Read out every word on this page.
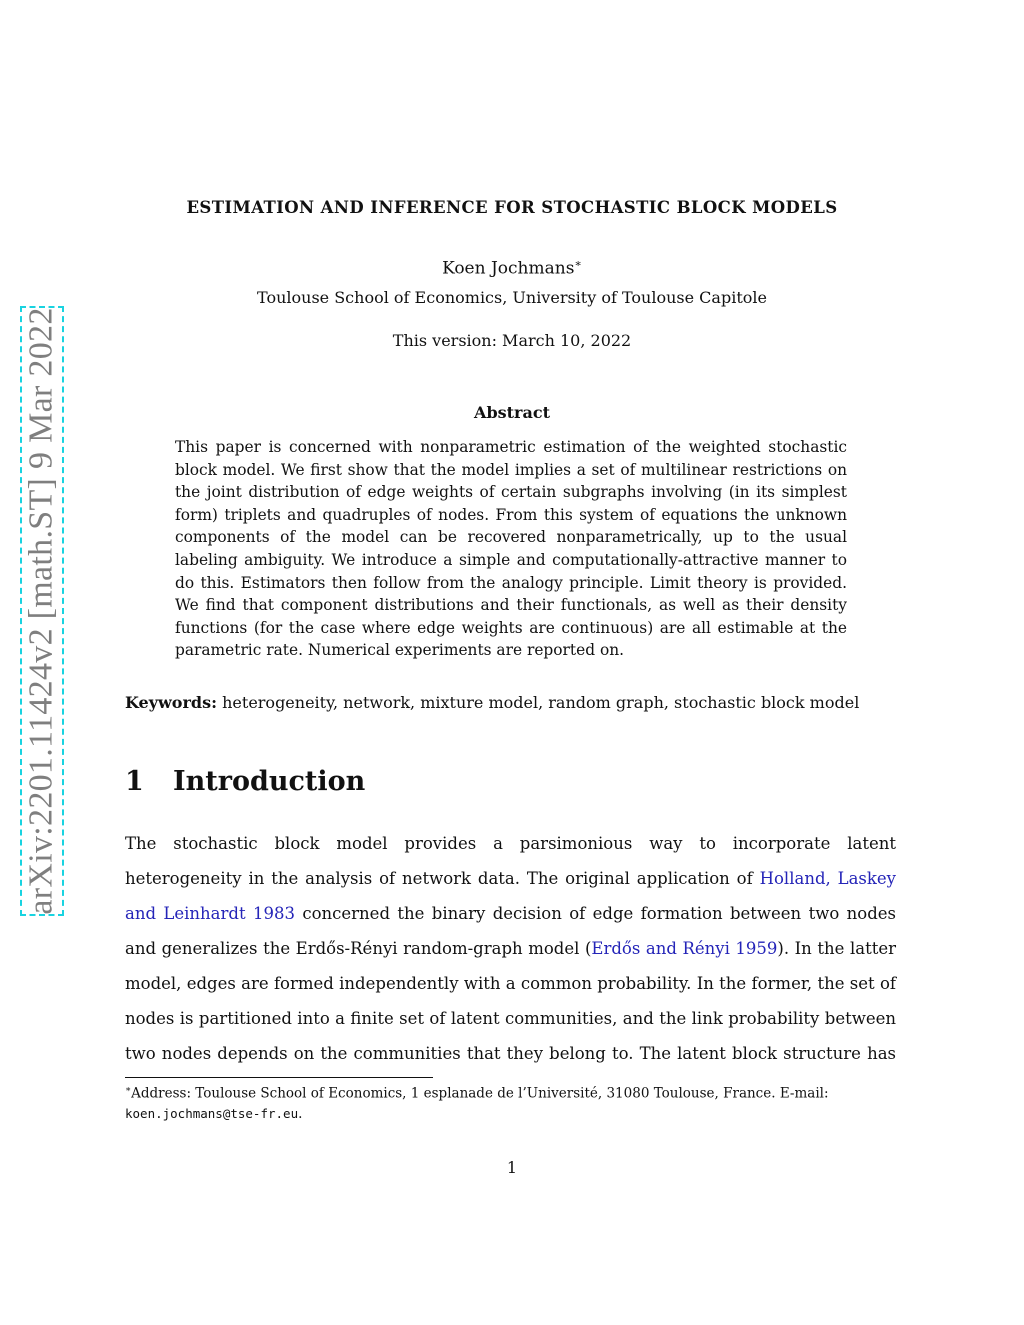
arXiv:2201.11424v2 [math.ST] 9 Mar 2022
ESTIMATION AND INFERENCE FOR STOCHASTIC BLOCK MODELS
Koen Jochmans∗
Toulouse School of Economics, University of Toulouse Capitole
This version: March 10, 2022
Abstract
This paper is concerned with nonparametric estimation of the weighted stochastic block model. We first show that the model implies a set of multilinear restrictions on the joint distribution of edge weights of certain subgraphs involving (in its simplest form) triplets and quadruples of nodes. From this system of equations the unknown components of the model can be recovered nonparametrically, up to the usual labeling ambiguity. We introduce a simple and computationally-attractive manner to do this. Estimators then follow from the analogy principle. Limit theory is provided. We find that component distributions and their functionals, as well as their density functions (for the case where edge weights are continuous) are all estimable at the parametric rate. Numerical experiments are reported on.
Keywords: heterogeneity, network, mixture model, random graph, stochastic block model
1 Introduction
The stochastic block model provides a parsimonious way to incorporate latent heterogeneity in the analysis of network data. The original application of Holland, Laskey and Leinhardt 1983 concerned the binary decision of edge formation between two nodes and generalizes the Erdős-Rényi random-graph model (Erdős and Rényi 1959). In the latter model, edges are formed independently with a common probability. In the former, the set of nodes is partitioned into a finite set of latent communities, and the link probability between two nodes depends on the communities that they belong to. The latent block structure has
∗Address: Toulouse School of Economics, 1 esplanade de l’Université, 31080 Toulouse, France. E-mail:
koen.jochmans@tse-fr.eu.
1
